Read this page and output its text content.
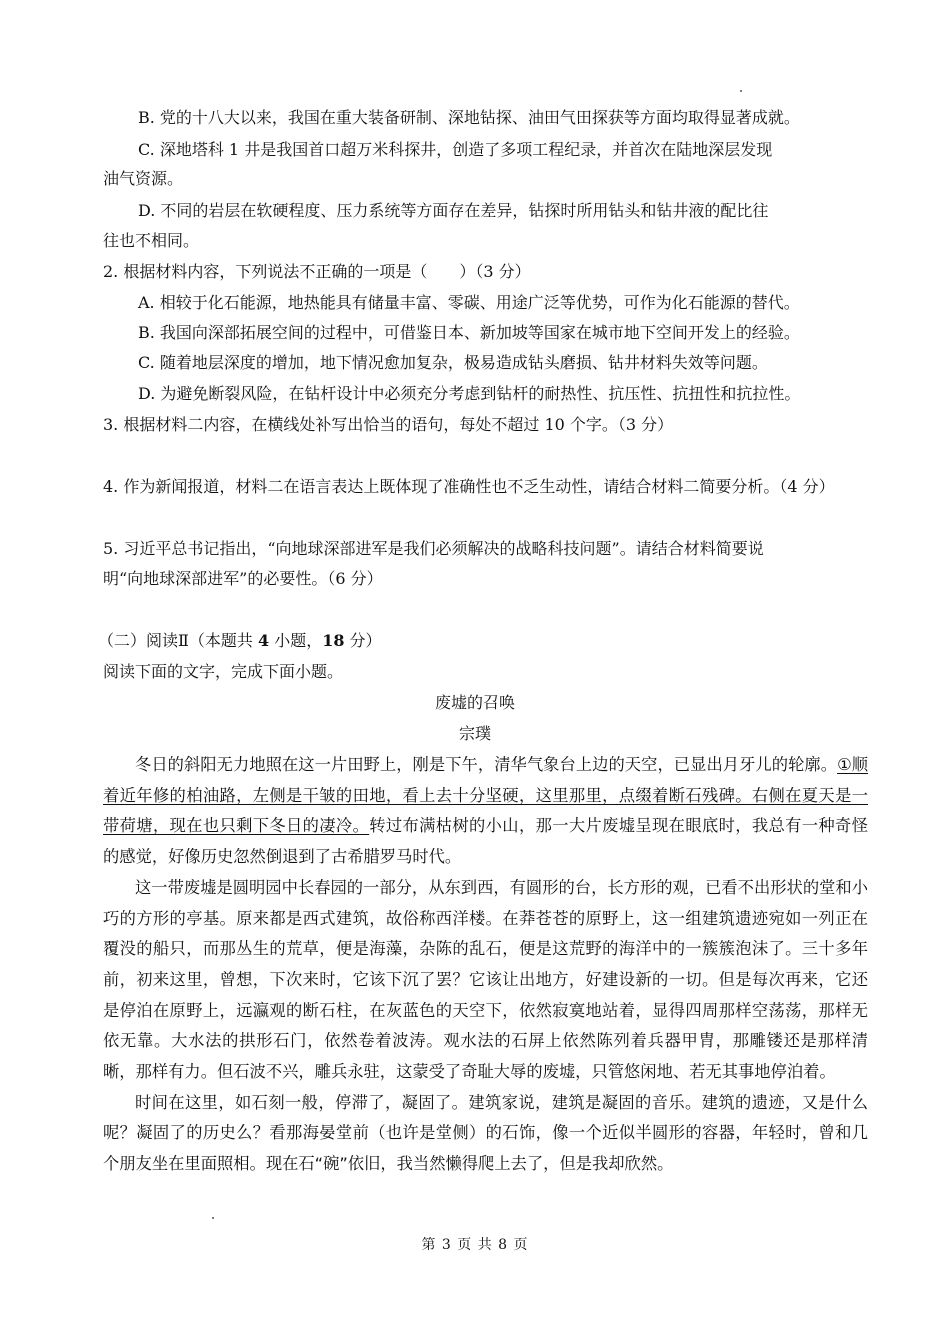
B. 党的十八大以来，我国在重大装备研制、深地钻探、油田气田探获等方面均取得显著成就。
C. 深地塔科 1 井是我国首口超万米科探井，创造了多项工程纪录，并首次在陆地深层发现
油气资源。
D. 不同的岩层在软硬程度、压力系统等方面存在差异，钻探时所用钻头和钻井液的配比往
往也不相同。
2. 根据材料内容，下列说法不正确的一项是（　　）（3 分）
A. 相较于化石能源，地热能具有储量丰富、零碳、用途广泛等优势，可作为化石能源的替代。
B. 我国向深部拓展空间的过程中，可借鉴日本、新加坡等国家在城市地下空间开发上的经验。
C. 随着地层深度的增加，地下情况愈加复杂，极易造成钻头磨损、钻井材料失效等问题。
D. 为避免断裂风险，在钻杆设计中必须充分考虑到钻杆的耐热性、抗压性、抗扭性和抗拉性。
3. 根据材料二内容，在横线处补写出恰当的语句，每处不超过 10 个字。（3 分）
4. 作为新闻报道，材料二在语言表达上既体现了准确性也不乏生动性，请结合材料二简要分析。（4 分）
5. 习近平总书记指出，“向地球深部进军是我们必须解决的战略科技问题”。请结合材料简要说
明“向地球深部进军”的必要性。（6 分）
（二）阅读Ⅱ（本题共 4 小题，18 分）
阅读下面的文字，完成下面小题。
废墟的召唤
宗璞

冬日的斜阳无力地照在这一片田野上，刚是下午，清华气象台上边的天空，已显出月牙儿的轮廓。①顺着近年修的柏油路，左侧是干皱的田地，看上去十分坚硬，这里那里，点缀着断石残碑。右侧在夏天是一带荷塘，现在也只剩下冬日的凄冷。转过布满枯树的小山，那一大片废墟呈现在眼底时，我总有一种奇怪的感觉，好像历史忽然倒退到了古希腊罗马时代。

这一带废墟是圆明园中长春园的一部分，从东到西，有圆形的台，长方形的观，已看不出形状的堂和小巧的方形的亭基。原来都是西式建筑，故俗称西洋楼。在莽苍苍的原野上，这一组建筑遗迹宛如一列正在覆没的船只，而那丛生的荒草，便是海藻，杂陈的乱石，便是这荒野的海洋中的一簇簇泡沫了。三十多年前，初来这里，曾想，下次来时，它该下沉了罢？它该让出地方，好建设新的一切。但是每次再来，它还是停泊在原野上，远瀛观的断石柱，在灰蓝色的天空下，依然寂寞地站着，显得四周那样空荡荡，那样无依无靠。大水法的拱形石门，依然卷着波涛。观水法的石屏上依然陈列着兵器甲胄，那雕镂还是那样清晰，那样有力。但石波不兴，雕兵永驻，这蒙受了奇耻大辱的废墟，只管悠闲地、若无其事地停泊着。

时间在这里，如石刻一般，停滞了，凝固了。建筑家说，建筑是凝固的音乐。建筑的遗迹，又是什么呢？凝固了的历史么？看那海晏堂前（也许是堂侧）的石饰，像一个近似半圆形的容器，年轻时，曾和几个朋友坐在里面照相。现在石“碗”依旧，我当然懒得爬上去了，但是我却欣然。

第 3 页 共 8 页
